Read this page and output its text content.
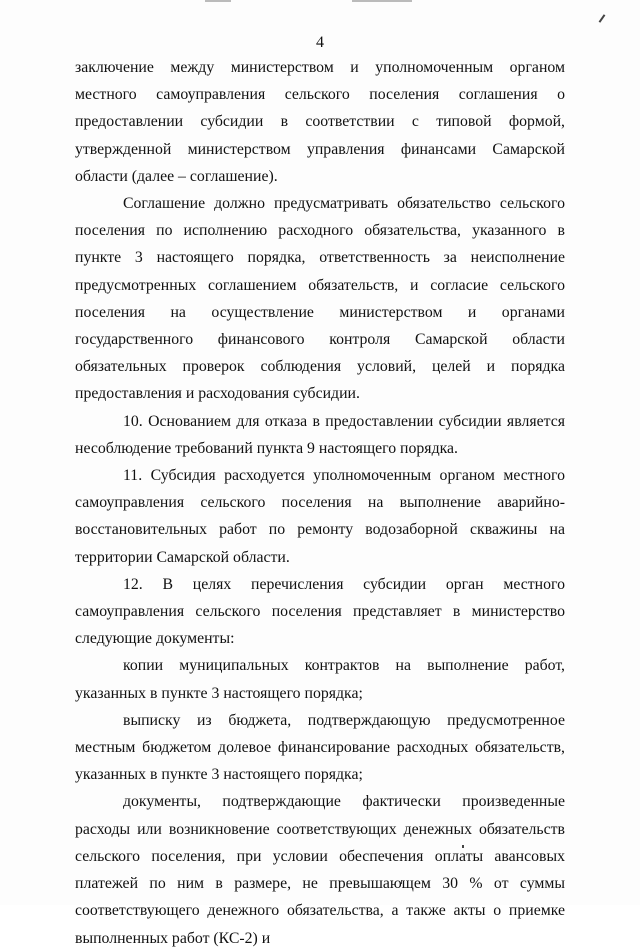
4

заключение между министерством и уполномоченным органом местного самоуправления сельского поселения соглашения о предоставлении субсидии в соответствии с типовой формой, утвержденной министерством управления финансами Самарской области (далее – соглашение).

Соглашение должно предусматривать обязательство сельского поселения по исполнению расходного обязательства, указанного в пункте 3 настоящего порядка, ответственность за неисполнение предусмотренных соглашением обязательств, и согласие сельского поселения на осуществление министерством и органами государственного финансового контроля Самарской области обязательных проверок соблюдения условий, целей и порядка предоставления и расходования субсидии.

10. Основанием для отказа в предоставлении субсидии является несоблюдение требований пункта 9 настоящего порядка.

11. Субсидия расходуется уполномоченным органом местного самоуправления сельского поселения на выполнение аварийно-восстановительных работ по ремонту водозаборной скважины на территории Самарской области.

12. В целях перечисления субсидии орган местного самоуправления сельского поселения представляет в министерство следующие документы:

копии муниципальных контрактов на выполнение работ, указанных в пункте 3 настоящего порядка;

выписку из бюджета, подтверждающую предусмотренное местным бюджетом долевое финансирование расходных обязательств, указанных в пункте 3 настоящего порядка;

документы, подтверждающие фактически произведенные расходы или возникновение соответствующих денежных обязательств сельского поселения, при условии обеспечения оплаты авансовых платежей по ним в размере, не превышающем 30 % от суммы соответствующего денежного обязательства, а также акты о приемке выполненных работ (КС-2) и
